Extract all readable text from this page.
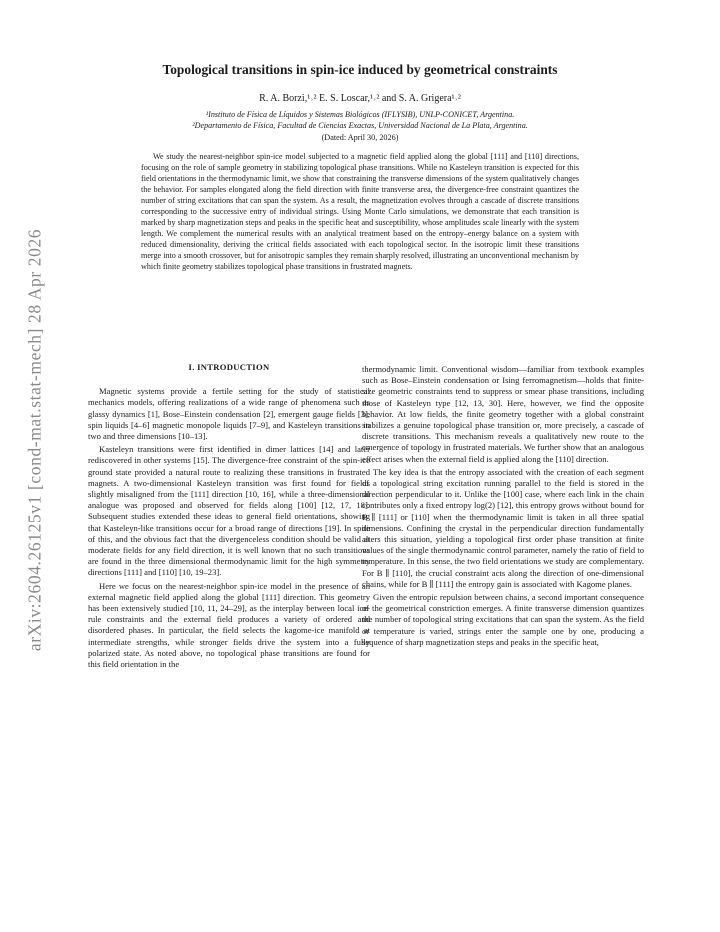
arXiv:2604.26125v1 [cond-mat.stat-mech] 28 Apr 2026
Topological transitions in spin-ice induced by geometrical constraints
R. A. Borzi,¹˒² E. S. Loscar,¹˒² and S. A. Grigera¹˒²
¹Instituto de Física de Líquidos y Sistemas Biológicos (IFLYSIB), UNLP-CONICET, Argentina.
²Departamento de Física, Facultad de Ciencias Exactas, Universidad Nacional de La Plata, Argentina.
(Dated: April 30, 2026)

We study the nearest-neighbor spin-ice model subjected to a magnetic field applied along the global [111] and [110] directions, focusing on the role of sample geometry in stabilizing topological phase transitions. While no Kasteleyn transition is expected for this field orientations in the thermodynamic limit, we show that constraining the transverse dimensions of the system qualitatively changes the behavior. For samples elongated along the field direction with finite transverse area, the divergence-free constraint quantizes the number of string excitations that can span the system. As a result, the magnetization evolves through a cascade of discrete transitions corresponding to the successive entry of individual strings. Using Monte Carlo simulations, we demonstrate that each transition is marked by sharp magnetization steps and peaks in the specific heat and susceptibility, whose amplitudes scale linearly with the system length. We complement the numerical results with an analytical treatment based on the entropy–energy balance on a system with reduced dimensionality, deriving the critical fields associated with each topological sector. In the isotropic limit these transitions merge into a smooth crossover, but for anisotropic samples they remain sharply resolved, illustrating an unconventional mechanism by which finite geometry stabilizes topological phase transitions in frustrated magnets.

I. INTRODUCTION

Magnetic systems provide a fertile setting for the study of statistical mechanics models, offering realizations of a wide range of phenomena such as glassy dynamics [1], Bose–Einstein condensation [2], emergent gauge fields [3], spin liquids [4–6] magnetic monopole liquids [7–9], and Kasteleyn transitions in two and three dimensions [10–13].

Kasteleyn transitions were first identified in dimer lattices [14] and later rediscovered in other systems [15]. The divergence-free constraint of the spin-ice ground state provided a natural route to realizing these transitions in frustrated magnets. A two-dimensional Kasteleyn transition was first found for fields slightly misaligned from the [111] direction [10, 16], while a three-dimensional analogue was proposed and observed for fields along [100] [12, 17, 18]. Subsequent studies extended these ideas to general field orientations, showing that Kasteleyn-like transitions occur for a broad range of directions [19]. In spite of this, and the obvious fact that the divergenceless condition should be valid at moderate fields for any field direction, it is well known that no such transitions are found in the three dimensional thermodynamic limit for the high symmetry directions [111] and [110] [10, 19–23].

Here we focus on the nearest-neighbor spin-ice model in the presence of an external magnetic field applied along the global [111] direction. This geometry has been extensively studied [10, 11, 24–29], as the interplay between local ice-rule constraints and the external field produces a variety of ordered and disordered phases. In particular, the field selects the kagome-ice manifold at intermediate strengths, while stronger fields drive the system into a fully polarized state. As noted above, no topological phase transitions are found for this field orientation in the

thermodynamic limit. Conventional wisdom—familiar from textbook examples such as Bose–Einstein condensation or Ising ferromagnetism—holds that finite-size geometric constraints tend to suppress or smear phase transitions, including those of Kasteleyn type [12, 13, 30]. Here, however, we find the opposite behavior. At low fields, the finite geometry together with a global constraint stabilizes a genuine topological phase transition or, more precisely, a cascade of discrete transitions. This mechanism reveals a qualitatively new route to the emergence of topology in frustrated materials. We further show that an analogous effect arises when the external field is applied along the [110] direction.

The key idea is that the entropy associated with the creation of each segment of a topological string excitation running parallel to the field is stored in the direction perpendicular to it. Unlike the [100] case, where each link in the chain contributes only a fixed entropy log(2) [12], this entropy grows without bound for B ∥ [111] or [110] when the thermodynamic limit is taken in all three spatial dimensions. Confining the crystal in the perpendicular direction fundamentally alters this situation, yielding a topological first order phase transition at finite values of the single thermodynamic control parameter, namely the ratio of field to temperature. In this sense, the two field orientations we study are complementary. For B ∥ [110], the crucial constraint acts along the direction of one-dimensional chains, while for B ∥ [111] the entropy gain is associated with Kagome planes.

Given the entropic repulsion between chains, a second important consequence of the geometrical constriction emerges. A finite transverse dimension quantizes the number of topological string excitations that can span the system. As the field or temperature is varied, strings enter the sample one by one, producing a sequence of sharp magnetization steps and peaks in the specific heat,
